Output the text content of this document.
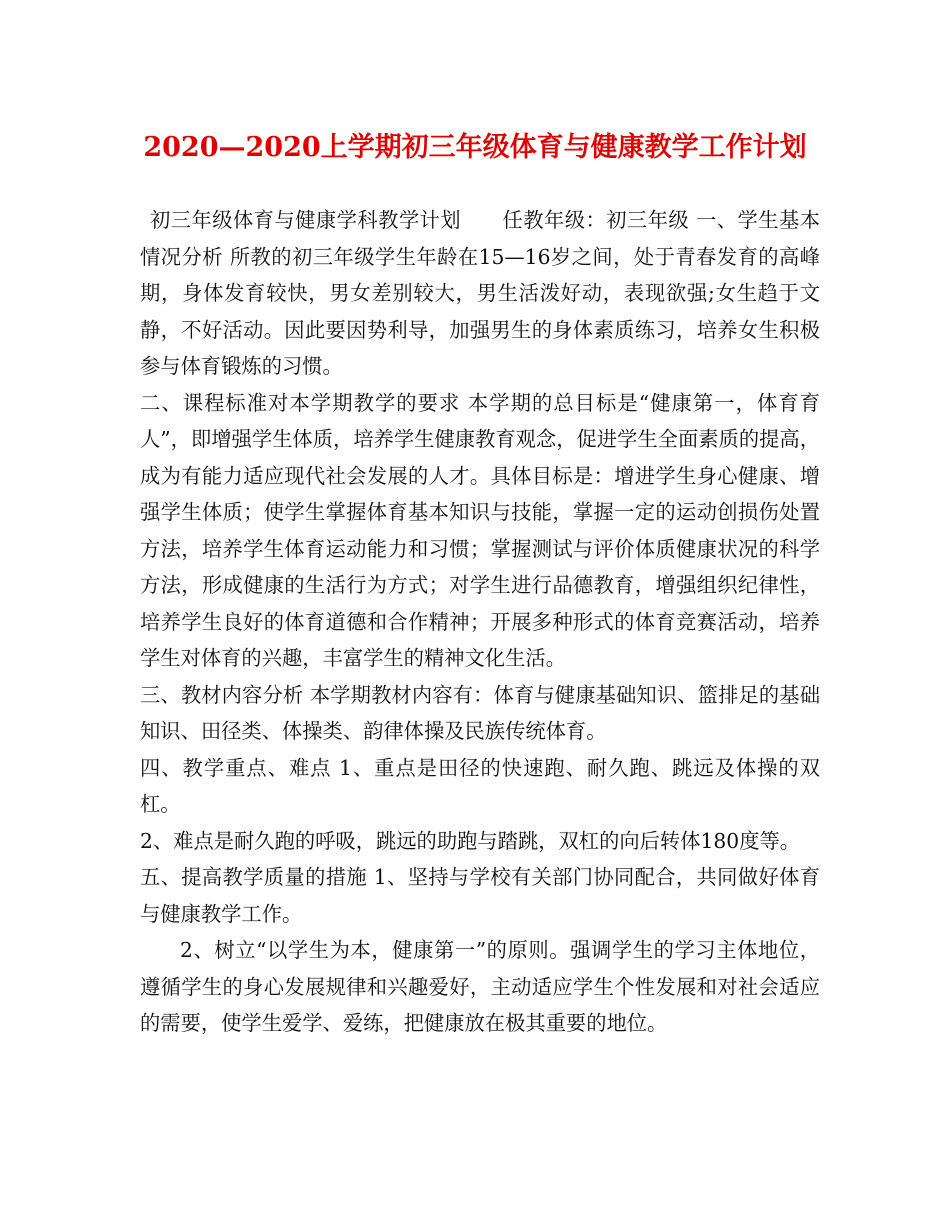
2020—2020上学期初三年级体育与健康教学工作计划

初三年级体育与健康学科教学计划　　任教年级：初三年级 一、学生基本情况分析 所教的初三年级学生年龄在15—16岁之间，处于青春发育的高峰期，身体发育较快，男女差别较大，男生活泼好动，表现欲强;女生趋于文静，不好活动。因此要因势利导，加强男生的身体素质练习，培养女生积极参与体育锻炼的习惯。

二、课程标准对本学期教学的要求 本学期的总目标是“健康第一，体育育人”，即增强学生体质，培养学生健康教育观念，促进学生全面素质的提高，成为有能力适应现代社会发展的人才。具体目标是：增进学生身心健康、增强学生体质；使学生掌握体育基本知识与技能，掌握一定的运动创损伤处置方法，培养学生体育运动能力和习惯；掌握测试与评价体质健康状况的科学方法，形成健康的生活行为方式；对学生进行品德教育，增强组织纪律性，培养学生良好的体育道德和合作精神；开展多种形式的体育竞赛活动，培养学生对体育的兴趣，丰富学生的精神文化生活。

三、教材内容分析 本学期教材内容有：体育与健康基础知识、篮排足的基础知识、田径类、体操类、韵律体操及民族传统体育。

四、教学重点、难点 1、重点是田径的快速跑、耐久跑、跳远及体操的双杠。

2、难点是耐久跑的呼吸，跳远的助跑与踏跳，双杠的向后转体180度等。

五、提高教学质量的措施 1、坚持与学校有关部门协同配合，共同做好体育与健康教学工作。

2、树立“以学生为本，健康第一”的原则。强调学生的学习主体地位，遵循学生的身心发展规律和兴趣爱好，主动适应学生个性发展和对社会适应的需要，使学生爱学、爱练，把健康放在极其重要的地位。
